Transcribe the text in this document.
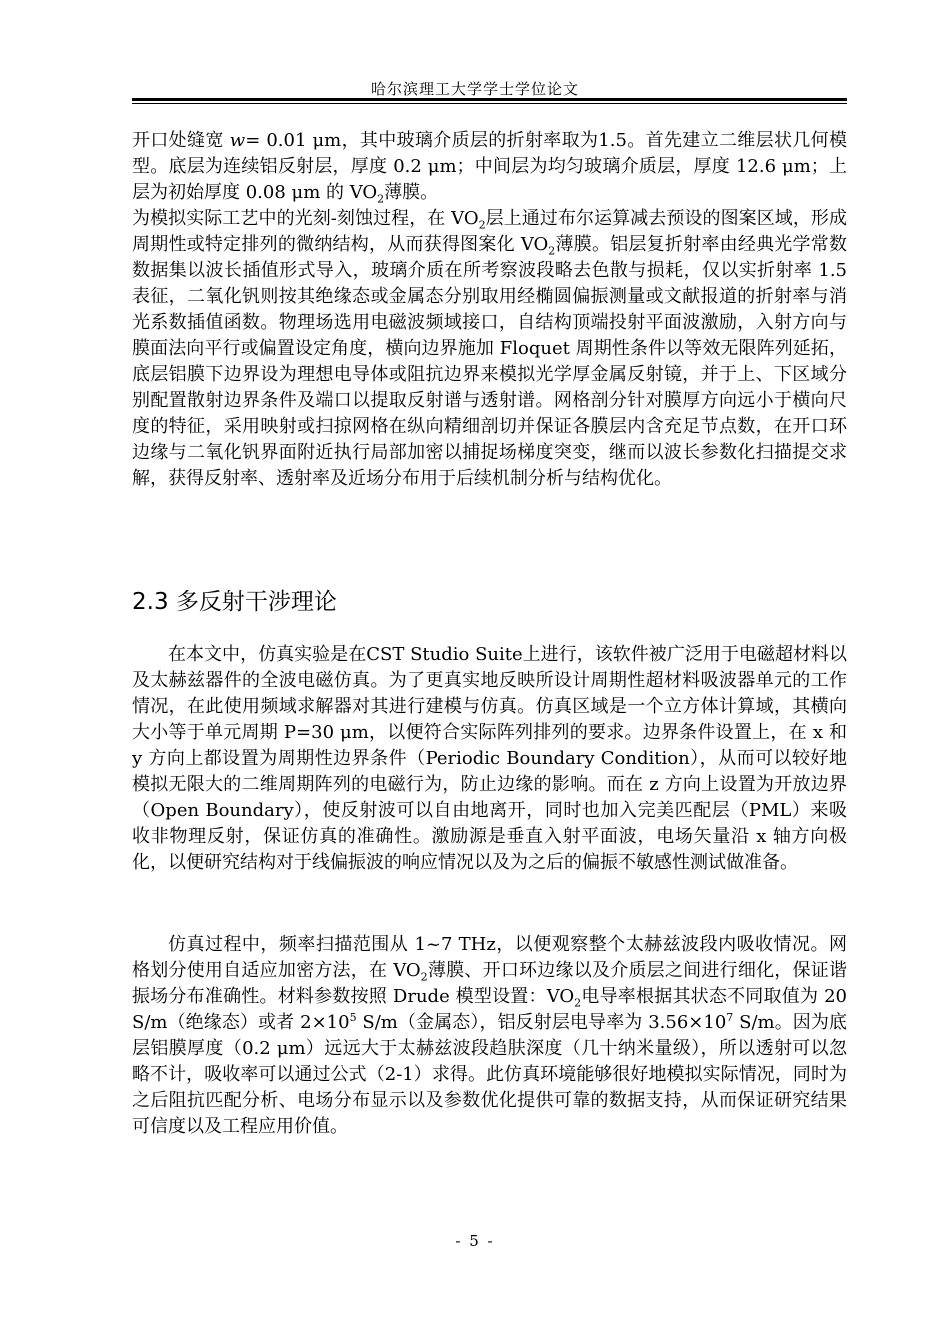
哈尔滨理工大学学士学位论文

开口处缝宽 w= 0.01 μm，其中玻璃介质层的折射率取为1.5。首先建立二维层状几何模型。底层为连续铝反射层，厚度 0.2 μm；中间层为均匀玻璃介质层，厚度 12.6 μm；上层为初始厚度 0.08 μm 的 $VO_2$薄膜。

为模拟实际工艺中的光刻-刻蚀过程，在 $VO_2$层上通过布尔运算减去预设的图案区域，形成周期性或特定排列的微纳结构，从而获得图案化 $VO_2$薄膜。铝层复折射率由经典光学常数数据集以波长插值形式导入，玻璃介质在所考察波段略去色散与损耗，仅以实折射率 1.5 表征，二氧化钒则按其绝缘态或金属态分别取用经椭圆偏振测量或文献报道的折射率与消光系数插值函数。物理场选用电磁波频域接口，自结构顶端投射平面波激励，入射方向与膜面法向平行或偏置设定角度，横向边界施加 Floquet 周期性条件以等效无限阵列延拓，底层铝膜下边界设为理想电导体或阻抗边界来模拟光学厚金属反射镜，并于上、下区域分别配置散射边界条件及端口以提取反射谱与透射谱。网格剖分针对膜厚方向远小于横向尺度的特征，采用映射或扫掠网格在纵向精细剖切并保证各膜层内含充足节点数，在开口环边缘与二氧化钒界面附近执行局部加密以捕捉场梯度突变，继而以波长参数化扫描提交求解，获得反射率、透射率及近场分布用于后续机制分析与结构优化。

2.3 多反射干涉理论

在本文中，仿真实验是在CST Studio Suite上进行，该软件被广泛用于电磁超材料以及太赫兹器件的全波电磁仿真。为了更真实地反映所设计周期性超材料吸波器单元的工作情况，在此使用频域求解器对其进行建模与仿真。仿真区域是一个立方体计算域，其横向大小等于单元周期 P=30 μm，以便符合实际阵列排列的要求。边界条件设置上，在 x 和 y 方向上都设置为周期性边界条件（Periodic Boundary Condition），从而可以较好地模拟无限大的二维周期阵列的电磁行为，防止边缘的影响。而在 z 方向上设置为开放边界（Open Boundary），使反射波可以自由地离开，同时也加入完美匹配层（PML）来吸收非物理反射，保证仿真的准确性。激励源是垂直入射平面波，电场矢量沿 x 轴方向极化，以便研究结构对于线偏振波的响应情况以及为之后的偏振不敏感性测试做准备。

仿真过程中，频率扫描范围从 1~7 THz，以便观察整个太赫兹波段内吸收情况。网格划分使用自适应加密方法，在 $VO_2$薄膜、开口环边缘以及介质层之间进行细化，保证谐振场分布准确性。材料参数按照 Drude 模型设置：$VO_2$电导率根据其状态不同取值为 20 S/m（绝缘态）或者 $2\times 10^5$ S/m（金属态），铝反射层电导率为 $3.56\times 10^7$ S/m。因为底层铝膜厚度（0.2 μm）远远大于太赫兹波段趋肤深度（几十纳米量级），所以透射可以忽略不计，吸收率可以通过公式（2-1）求得。此仿真环境能够很好地模拟实际情况，同时为之后阻抗匹配分析、电场分布显示以及参数优化提供可靠的数据支持，从而保证研究结果可信度以及工程应用价值。

- 5 -
